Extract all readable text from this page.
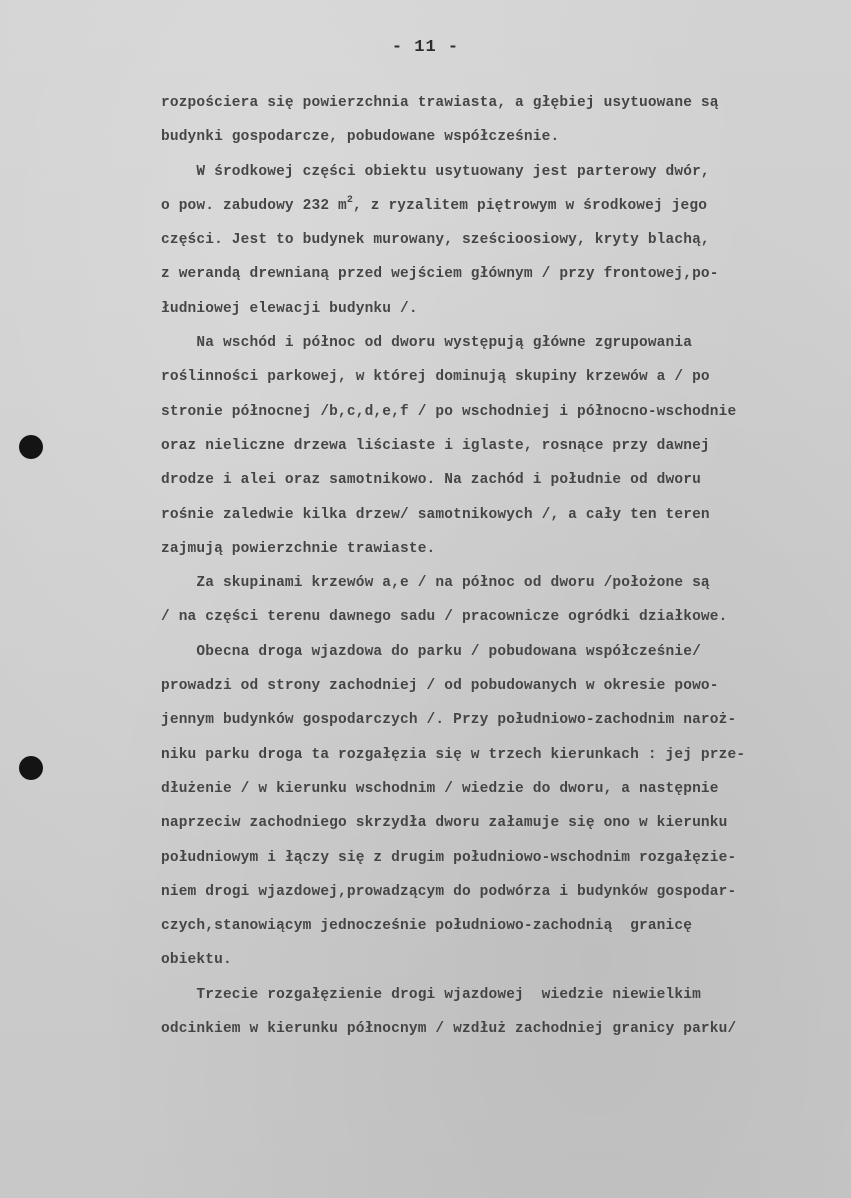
- 11 -
rozpościera się powierzchnia trawiasta, a głębiej usytuowane są
budynki gospodarcze, pobudowane współcześnie.
W środkowej części obiektu usytuowany jest parterowy dwór,
o pow. zabudowy 232 $m^2$, z ryzalitem piętrowym w środkowej jego
części. Jest to budynek murowany, sześcioosiowy, kryty blachą,
z werandą drewnianą przed wejściem głównym / przy frontowej,po-
łudniowej elewacji budynku /.
Na wschód i północ od dworu występują główne zgrupowania
roślinności parkowej, w której dominują skupiny krzewów a / po
stronie północnej /b,c,d,e,f / po wschodniej i północno-wschodnie
oraz nieliczne drzewa liściaste i iglaste, rosnące przy dawnej
drodze i alei oraz samotnikowo. Na zachód i południe od dworu
rośnie zaledwie kilka drzew/ samotnikowych /, a cały ten teren
zajmują powierzchnie trawiaste.
Za skupinami krzewów a,e / na północ od dworu /położone są
/ na części terenu dawnego sadu / pracownicze ogródki działkowe.
Obecna droga wjazdowa do parku / pobudowana współcześnie/
prowadzi od strony zachodniej / od pobudowanych w okresie powo-
jennym budynków gospodarczych /. Przy południowo-zachodnim naroż-
niku parku droga ta rozgałęzia się w trzech kierunkach : jej prze-
dłużenie / w kierunku wschodnim / wiedzie do dworu, a następnie
naprzeciw zachodniego skrzydła dworu załamuje się ono w kierunku
południowym i łączy się z drugim południowo-wschodnim rozgałęzie-
niem drogi wjazdowej,prowadzącym do podwórza i budynków gospodar-
czych,stanowiącym jednocześnie południowo-zachodnią  granicę
obiektu.
Trzecie rozgałęzienie drogi wjazdowej  wiedzie niewielkim
odcinkiem w kierunku północnym / wzdłuż zachodniej granicy parku/
